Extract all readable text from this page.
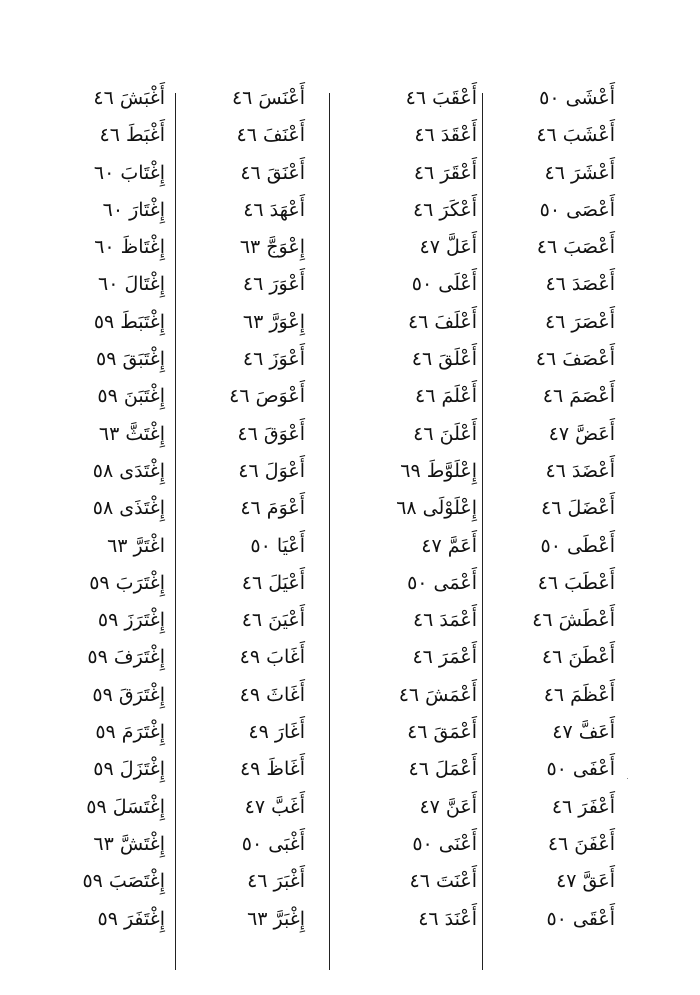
أَعْشَى ٥٠
أَعْشَبَ ٤٦
أَعْشَرَ ٤٦
أَعْصَى ٥٠
أَعْصَبَ ٤٦
أَعْصَدَ ٤٦
أَعْصَرَ ٤٦
أَعْصَفَ ٤٦
أَعْصَمَ ٤٦
أَعَضَّ ٤٧
أَعْضَدَ ٤٦
أَعْضَلَ ٤٦
أَعْطَى ٥٠
أَعْطَبَ ٤٦
أَعْطَشَ ٤٦
أَعْطَنَ ٤٦
أَعْظَمَ ٤٦
أَعَفَّ ٤٧
أَعْفَى ٥٠
أَعْفَرَ ٤٦
أَعْفَنَ ٤٦
أَعَقَّ ٤٧
أَعْقَى ٥٠
أَعْقَبَ ٤٦
أَعْقَدَ ٤٦
أَعْقَرَ ٤٦
أَعْكَرَ ٤٦
أَعَلَّ ٤٧
أَعْلَى ٥٠
أَعْلَفَ ٤٦
أَعْلَقَ ٤٦
أَعْلَمَ ٤٦
أَعْلَنَ ٤٦
إِعْلَوَّطَ ٦٩
إِعْلَوْلَى ٦٨
أَعَمَّ ٤٧
أَعْمَى ٥٠
أَعْمَدَ ٤٦
أَعْمَرَ ٤٦
أَعْمَشَ ٤٦
أَعْمَقَ ٤٦
أَعْمَلَ ٤٦
أَعَنَّ ٤٧
أَعْنَى ٥٠
أَعْنَتَ ٤٦
أَعْنَدَ ٤٦
أَعْنَسَ ٤٦
أَعْنَفَ ٤٦
أَعْنَقَ ٤٦
أَعْهَدَ ٤٦
إِعْوَجَّ ٦٣
أَعْوَرَ ٤٦
إِعْوَرَّ ٦٣
أَعْوَزَ ٤٦
أَعْوَصَ ٤٦
أَعْوَقَ ٤٦
أَعْوَلَ ٤٦
أَعْوَمَ ٤٦
أَعْيَا ٥٠
أَعْيَلَ ٤٦
أَعْيَنَ ٤٦
أَغَابَ ٤٩
أَغَاثَ ٤٩
أَغَارَ ٤٩
أَغَاظَ ٤٩
أَغَبَّ ٤٧
أَغْبَى ٥٠
أَغْبَرَ ٤٦
إِغْبَرَّ ٦٣
أَغْبَشَ ٤٦
أَغْبَطَ ٤٦
إِغْتَابَ ٦٠
إِغْتَارَ ٦٠
إِغْتَاظَ ٦٠
إِغْتَالَ ٦٠
إِغْتَبَطَ ٥٩
إِغْتَبَقَ ٥٩
إِغْتَبَنَ ٥٩
إِغْتَثَّ ٦٣
إِغْتَدَى ٥٨
إِغْتَذَى ٥٨
اغْتَرَّ ٦٣
إِغْتَرَبَ ٥٩
إِغْتَرَزَ ٥٩
إِغْتَرَفَ ٥٩
إِغْتَرَقَ ٥٩
إِغْتَرَمَ ٥٩
إِغْتَزَلَ ٥٩
إِغْتَسَلَ ٥٩
إِغْتَشَّ ٦٣
إِغْتَصَبَ ٥٩
إِغْتَفَرَ ٥٩
